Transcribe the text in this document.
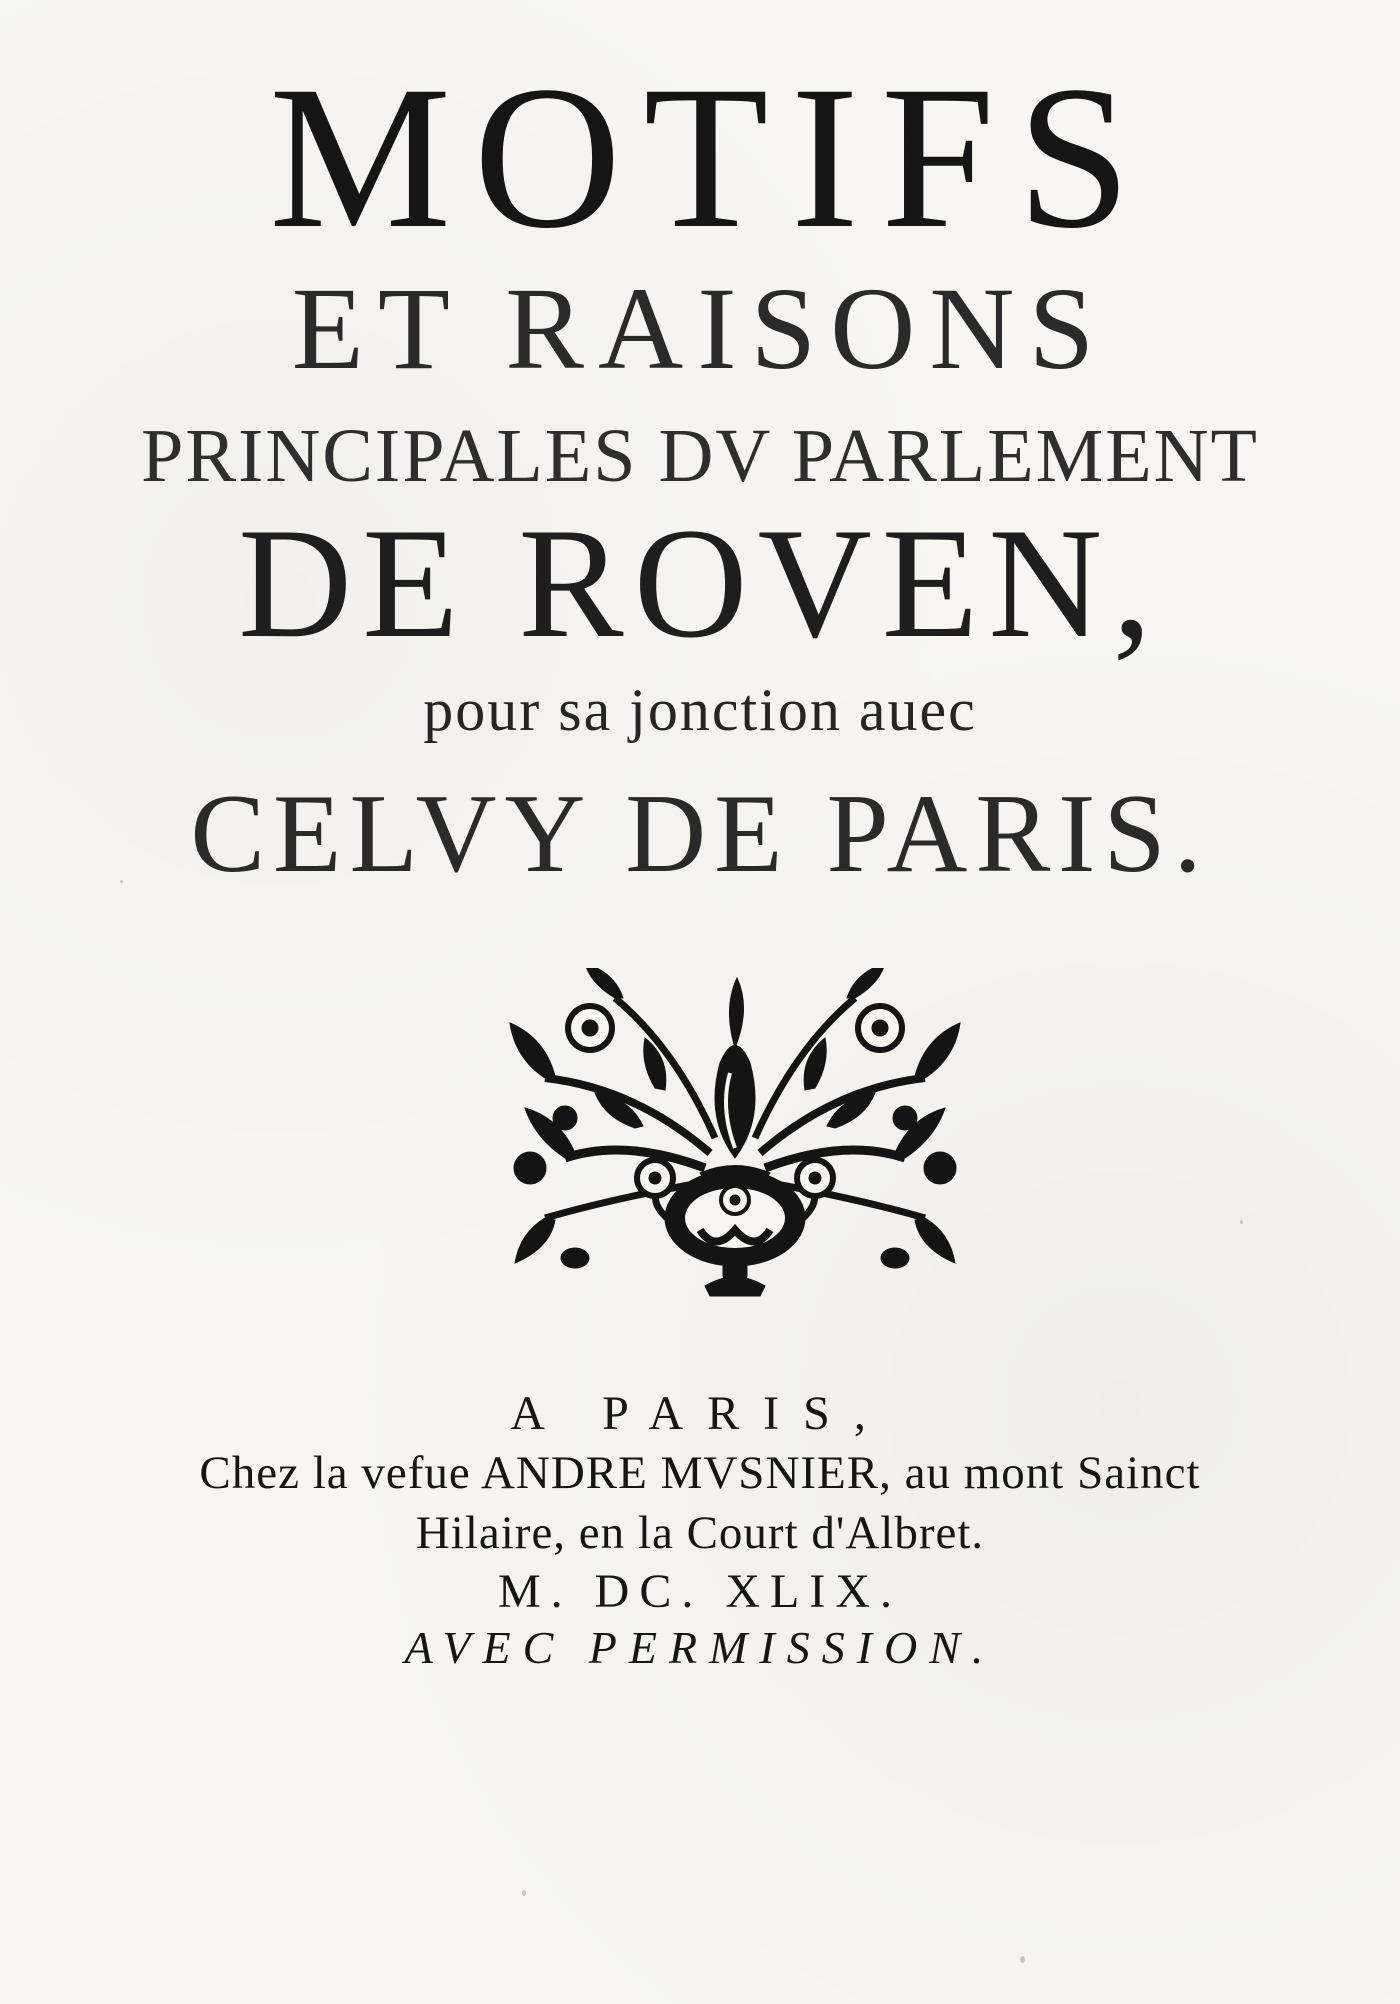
MOTIFS
ET RAISONS
PRINCIPALES DV PARLEMENT
DE ROVEN,
pour sa jonction auec
CELVY DE PARIS.
A PARIS,
Chez la vefue ANDRE MVSNIER, au mont Sainct
Hilaire, en la Court d'Albret.
M. DC. XLIX.
AVEC PERMISSION.
